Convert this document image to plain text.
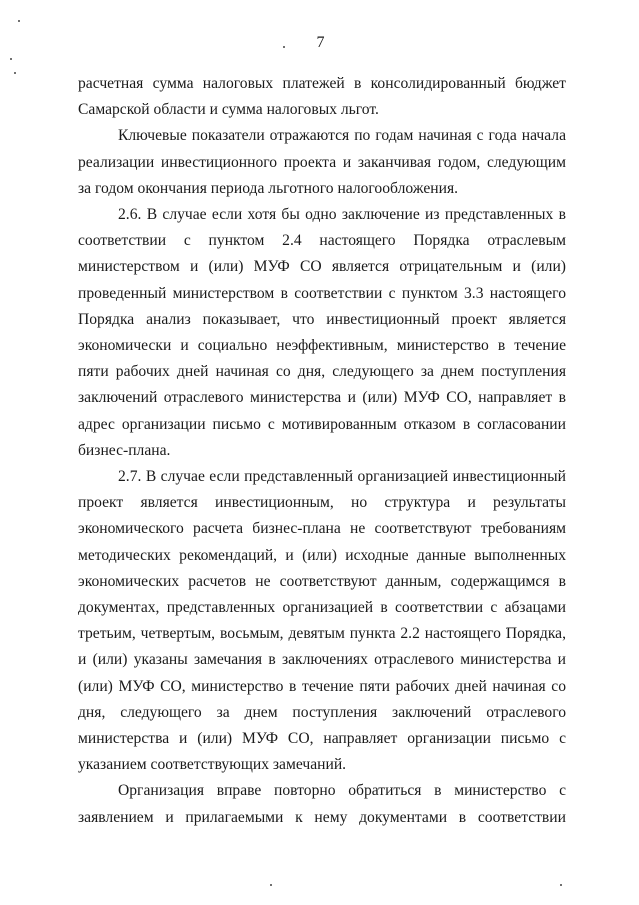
7

расчетная сумма налоговых платежей в консолидированный бюджет Самарской области и сумма налоговых льгот.

Ключевые показатели отражаются по годам начиная с года начала реализации инвестиционного проекта и заканчивая годом, следующим за годом окончания периода льготного налогообложения.

2.6. В случае если хотя бы одно заключение из представленных в соответствии с пунктом 2.4 настоящего Порядка отраслевым министерством и (или) МУФ СО является отрицательным и (или) проведенный министерством в соответствии с пунктом 3.3 настоящего Порядка анализ показывает, что инвестиционный проект является экономически и социально неэффективным, министерство в течение пяти рабочих дней начиная со дня, следующего за днем поступления заключений отраслевого министерства и (или) МУФ СО, направляет в адрес организации письмо с мотивированным отказом в согласовании бизнес-плана.

2.7. В случае если представленный организацией инвестиционный проект является инвестиционным, но структура и результаты экономического расчета бизнес-плана не соответствуют требованиям методических рекомендаций, и (или) исходные данные выполненных экономических расчетов не соответствуют данным, содержащимся в документах, представленных организацией в соответствии с абзацами третьим, четвертым, восьмым, девятым пункта 2.2 настоящего Порядка, и (или) указаны замечания в заключениях отраслевого министерства и (или) МУФ СО, министерство в течение пяти рабочих дней начиная со дня, следующего за днем поступления заключений отраслевого министерства и (или) МУФ СО, направляет организации письмо с указанием соответствующих замечаний.

Организация вправе повторно обратиться в министерство с заявлением и прилагаемыми к нему документами в соответствии
